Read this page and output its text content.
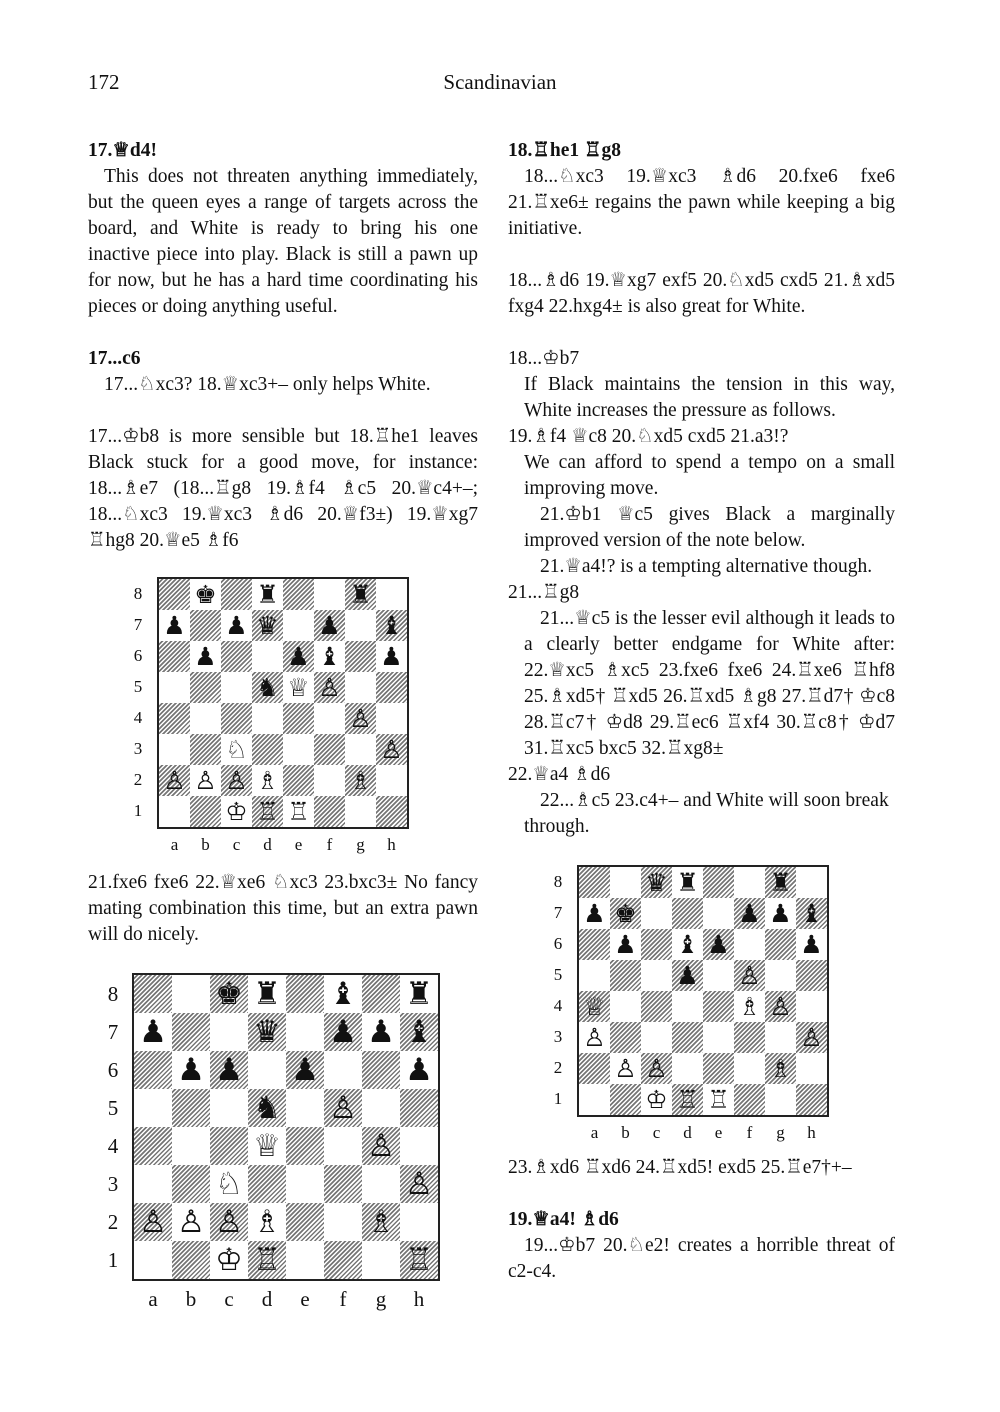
172	Scandinavian

17.♕d4!

This does not threaten anything immediately, but the queen eyes a range of targets across the board, and White is ready to bring his one inactive piece into play. Black is still a pawn up for now, but he has a hard time coordinating his pieces or doing anything useful.

17...c6

17...♘xc3? 18.♕xc3+– only helps White.

17...♔b8 is more sensible but 18.♖he1 leaves Black stuck for a good move, for instance: 18...♗e7 (18...♖g8 19.♗f4 ♗c5 20.♕c4+–; 18...♘xc3 19.♕xc3 ♗d6 20.♕f3±) 19.♕xg7 ♖hg8 20.♕e5 ♗f6

♚ ♜	♜
♟ ♟ ♛ ♟ ♝
♟	♟ ♝ ♟
♞ ♕ ♙
♙
♘	♙
♙ ♙ ♙ ♗	♗
♔ ♖ ♖
8
7
6
5
4
3
2
1
a	b	c	d	e	f	g	h

21.fxe6 fxe6 22.♕xe6 ♘xc3 23.bxc3± No fancy mating combination this time, but an extra pawn will do nicely.

♚ ♜ ♝ ♜
♟	♛ ♟ ♟ ♝
♟ ♟ ♟	♟
♞ ♙
♕	♙
♘	♙
♙ ♙ ♙ ♗	♗
♔ ♖	♖
8
7
6
5
4
3
2
1
a	b	c	d	e	f	g	h

18.♖he1 ♖g8

18...♘xc3 19.♕xc3 ♗d6 20.fxe6 fxe6 21.♖xe6± regains the pawn while keeping a big initiative.

18...♗d6 19.♕xg7 exf5 20.♘xd5 cxd5 21.♗xd5 fxg4 22.hxg4± is also great for White.

18...♔b7

If Black maintains the tension in this way, White increases the pressure as follows.

19.♗f4 ♕c8 20.♘xd5 cxd5 21.a3!?

We can afford to spend a tempo on a small improving move.

21.♔b1 ♕c5 gives Black a marginally improved version of the note below.

21.♕a4!? is a tempting alternative though.

21...♖g8

21...♕c5 is the lesser evil although it leads to a clearly better endgame for White after: 22.♕xc5 ♗xc5 23.fxe6 fxe6 24.♖xe6 ♖hf8 25.♗xd5† ♖xd5 26.♖xd5 ♗g8 27.♖d7† ♔c8 28.♖c7† ♔d8 29.♖ec6 ♖xf4 30.♖c8† ♔d7 31.♖xc5 bxc5 32.♖xg8±

22.♕a4 ♗d6

22...♗c5 23.c4+– and White will soon break through.

♛ ♜	♜
♟ ♚	♟ ♟ ♝
♟ ♝ ♟	♟
♟ ♙
♕	♗ ♙
♙	♙
♙ ♙	♗
♔ ♖ ♖
8
7
6
5
4
3
2
1
a	b	c	d	e	f	g	h

23.♗xd6 ♖xd6 24.♖xd5! exd5 25.♖e7†+–

19.♕a4! ♗d6

19...♔b7 20.♘e2! creates a horrible threat of c2-c4.
